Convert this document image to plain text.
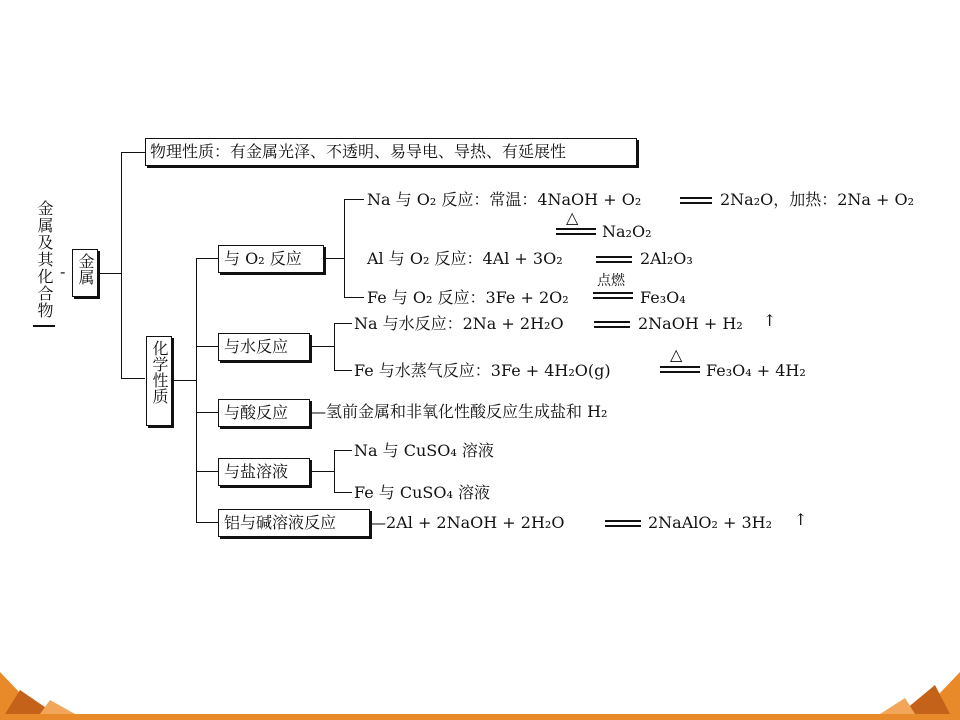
金属及其化合物 - 金属
物理性质：有金属光泽、不透明、易导电、导热、有延展性
化学性质
与 O₂ 反应
与水反应
与酸反应
与盐溶液
铝与碱溶液反应
Na 与 O₂ 反应：常温：4NaOH + O₂	2Na₂O，加热：2Na + O₂
△
Na₂O₂
Al 与 O₂ 反应：4Al + 3O₂	2Al₂O₃
Fe 与 O₂ 反应：3Fe + 2O₂
点燃
Fe₃O₄
Na 与水反应：2Na + 2H₂O	2NaOH + H₂ ↑
Fe 与水蒸气反应：3Fe + 4H₂O(g)
△
Fe₃O₄ + 4H₂
—氢前金属和非氧化性酸反应生成盐和 H₂
Na 与 CuSO₄ 溶液
Fe 与 CuSO₄ 溶液
—2Al + 2NaOH + 2H₂O	2NaAlO₂ + 3H₂ ↑
